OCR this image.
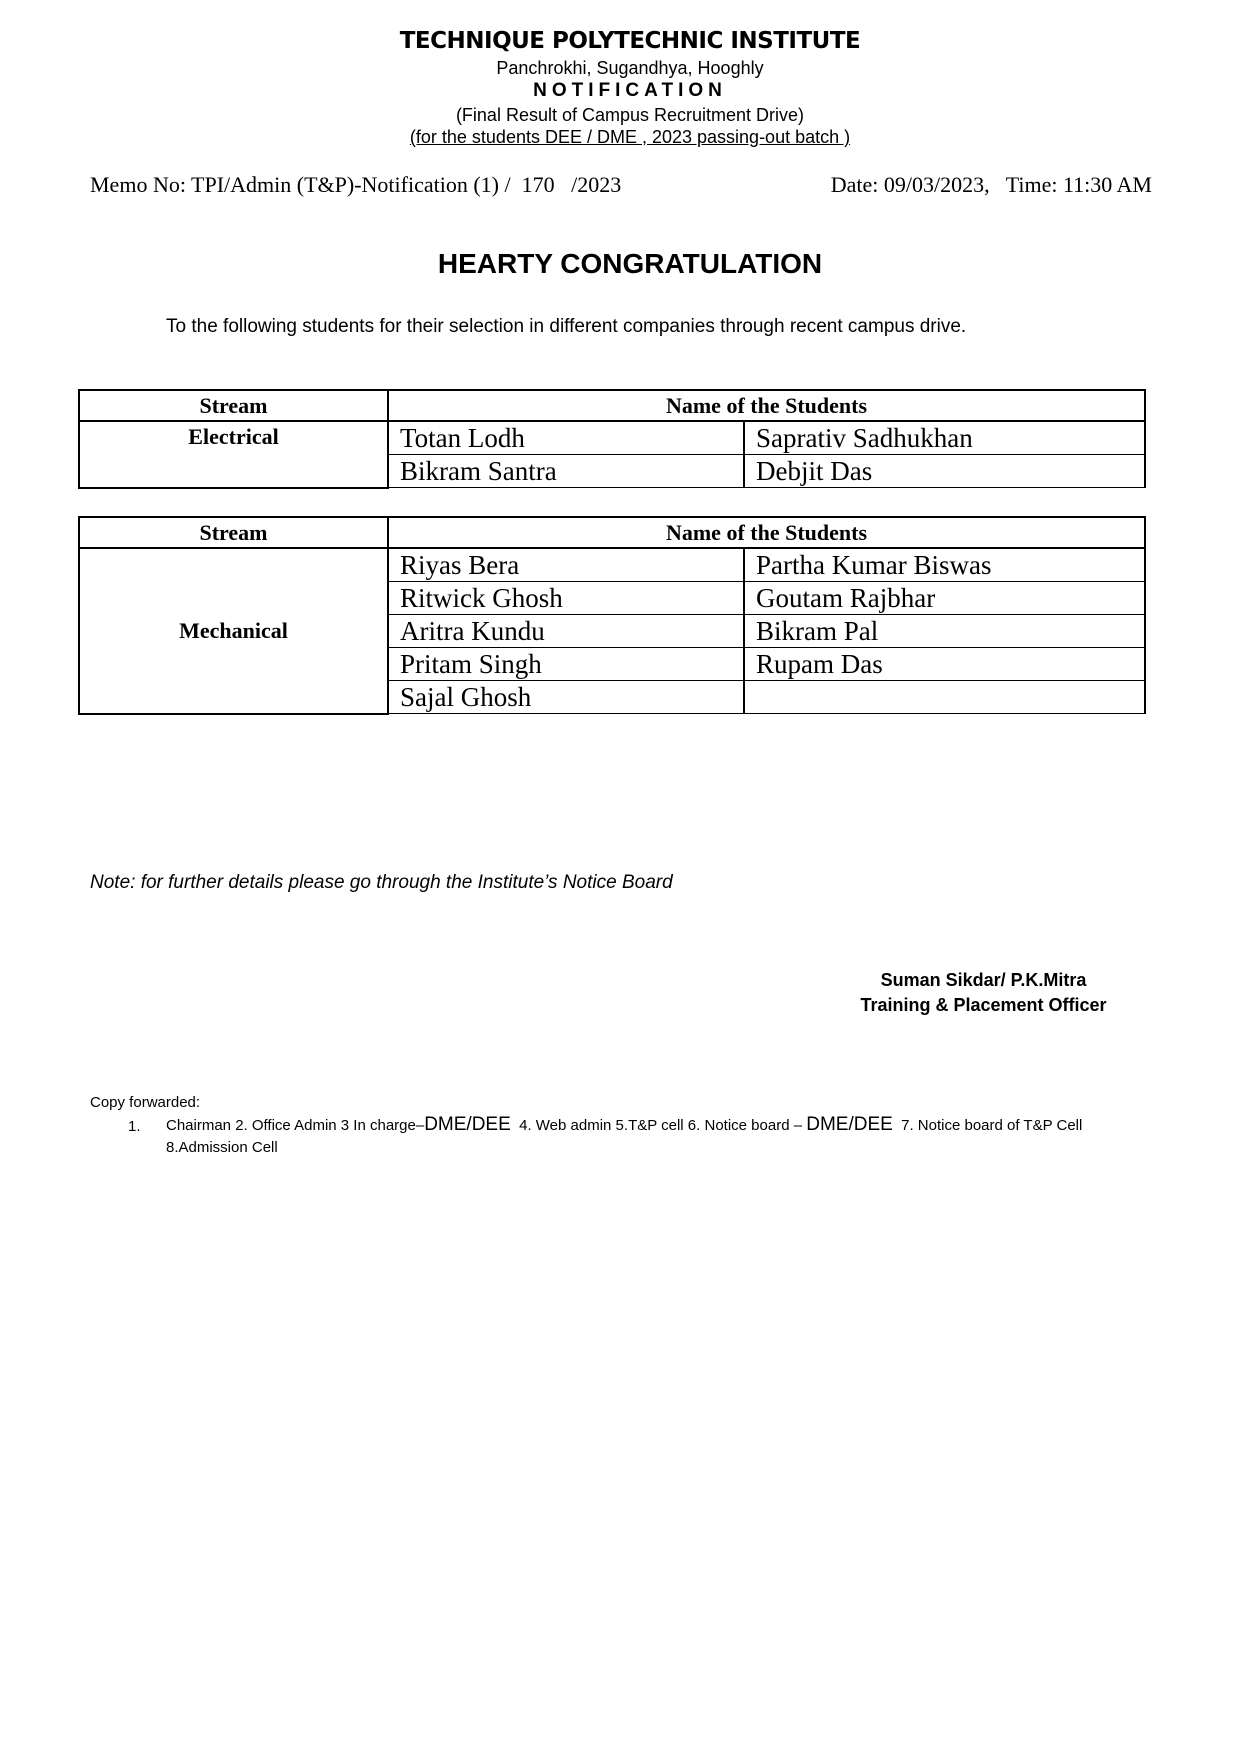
TECHNIQUE POLYTECHNIC INSTITUTE
Panchrokhi, Sugandhya, Hooghly
NOTIFICATION
(Final Result of Campus Recruitment Drive)
(for the students DEE / DME , 2023 passing-out batch )
Memo No: TPI/Admin (T&P)-Notification (1) /  170   /2023	Date: 09/03/2023,   Time: 11:30 AM
HEARTY CONGRATULATION
To the following students for their selection in different companies through recent campus drive.
Stream	Name of the Students	
Electrical	Totan Lodh	Saprativ Sadhukhan
	Bikram Santra	Debjit Das
Stream	Name of the Students	
Mechanical	Riyas Bera	Partha Kumar Biswas
	Ritwick Ghosh	Goutam Rajbhar
	Aritra Kundu	Bikram Pal
	Pritam Singh	Rupam Das
	Sajal Ghosh	
Note: for further details please go through the Institute’s Notice Board
Suman Sikdar/ P.K.Mitra
Training & Placement Officer
Copy forwarded:
1. Chairman 2. Office Admin 3 In charge–DME/DEE  4. Web admin 5.T&P cell 6. Notice board – DME/DEE  7. Notice board of T&P Cell
8.Admission Cell
